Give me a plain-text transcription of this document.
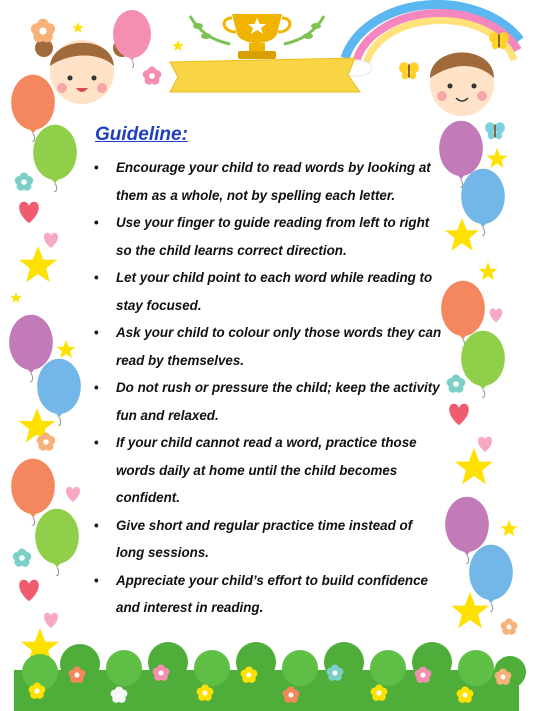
Guideline:
• Encourage your child to read words by looking at them as a whole, not by spelling each letter.
• Use your finger to guide reading from left to right so the child learns correct direction.
• Let your child point to each word while reading to stay focused.
• Ask your child to colour only those words they can read by themselves.
• Do not rush or pressure the child; keep the activity fun and relaxed.
• If your child cannot read a word, practice those words daily at home until the child becomes confident.
• Give short and regular practice time instead of long sessions.
• Appreciate your child’s effort to build confidence and interest in reading.
